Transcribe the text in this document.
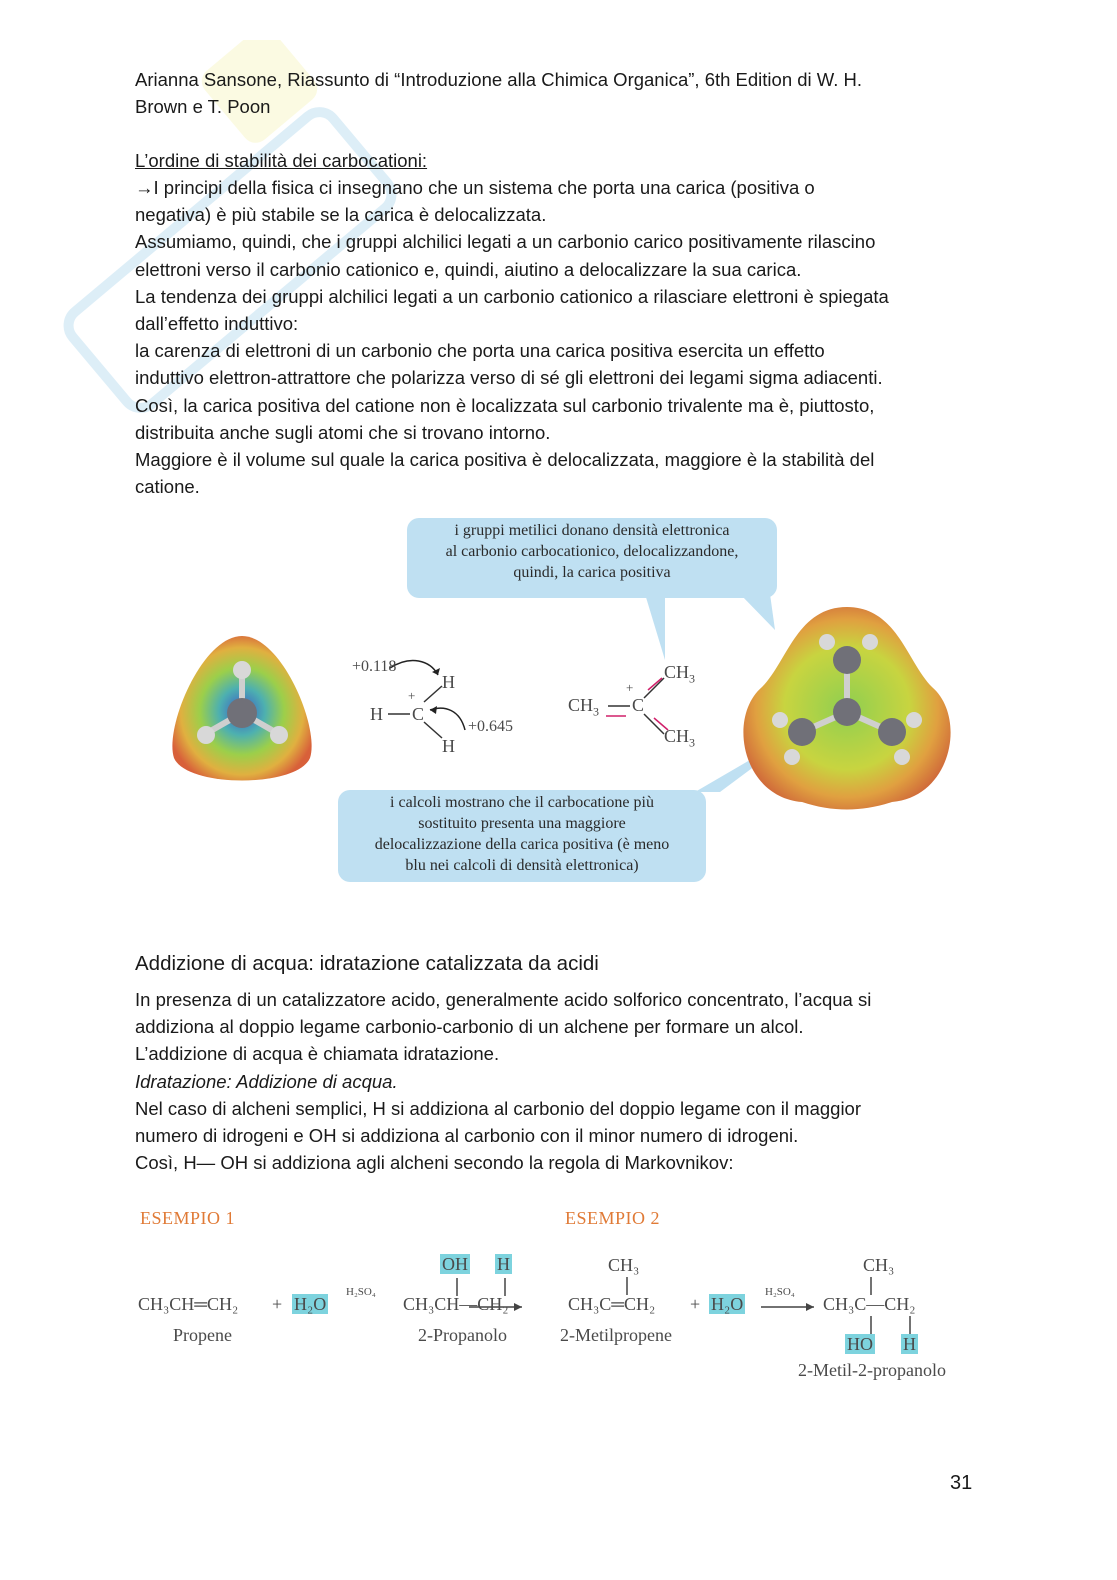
Arianna Sansone, Riassunto di “Introduzione alla Chimica Organica”, 6th Edition di W. H.
Brown e T. Poon
L’ordine di stabilità dei carbocationi:
→I principi della fisica ci insegnano che un sistema che porta una carica (positiva o
negativa) è più stabile se la carica è delocalizzata.
Assumiamo, quindi, che i gruppi alchilici legati a un carbonio carico positivamente rilascino
elettroni verso il carbonio cationico e, quindi, aiutino a delocalizzare la sua carica.
La tendenza dei gruppi alchilici legati a un carbonio cationico a rilasciare elettroni è spiegata
dall’effetto induttivo:
la carenza di elettroni di un carbonio che porta una carica positiva esercita un effetto
induttivo elettron-attrattore che polarizza verso di sé gli elettroni dei legami sigma adiacenti.
Così, la carica positiva del catione non è localizzata sul carbonio trivalente ma è, piuttosto,
distribuita anche sugli atomi che si trovano intorno.
Maggiore è il volume sul quale la carica positiva è delocalizzata, maggiore è la stabilità del
catione.
i gruppi metilici donano densità elettronica
al carbonio carbocationico, delocalizzandone,
quindi, la carica positiva
+0.118
H
H C
+
H
+0.645
$CH_3$ C
+
$CH_3$
$CH_3$
i calcoli mostrano che il carbocatione più
sostituito presenta una maggiore
delocalizzazione della carica positiva (è meno
blu nei calcoli di densità elettronica)
Addizione di acqua: idratazione catalizzata da acidi
In presenza di un catalizzatore acido, generalmente acido solforico concentrato, l’acqua si
addiziona al doppio legame carbonio-carbonio di un alchene per formare un alcol.
L’addizione di acqua è chiamata idratazione.
Idratazione: Addizione di acqua.
Nel caso di alcheni semplici, H si addiziona al carbonio del doppio legame con il maggior
numero di idrogeni e OH si addiziona al carbonio con il minor numero di idrogeni.
Così, H— OH si addiziona agli alcheni secondo la regola di Markovnikov:
ESEMPIO 1	ESEMPIO 2
CH₃CH═CH₂ + H₂O
H₂SO₄
CH₃CH—CH₂
OH H
Propene	2-Propanolo
CH₃
CH₃C═CH₂ + H₂O
H₂SO₄
CH₃
CH₃C—CH₂
HO H
2-Metilpropene
2-Metil-2-propanolo
31
